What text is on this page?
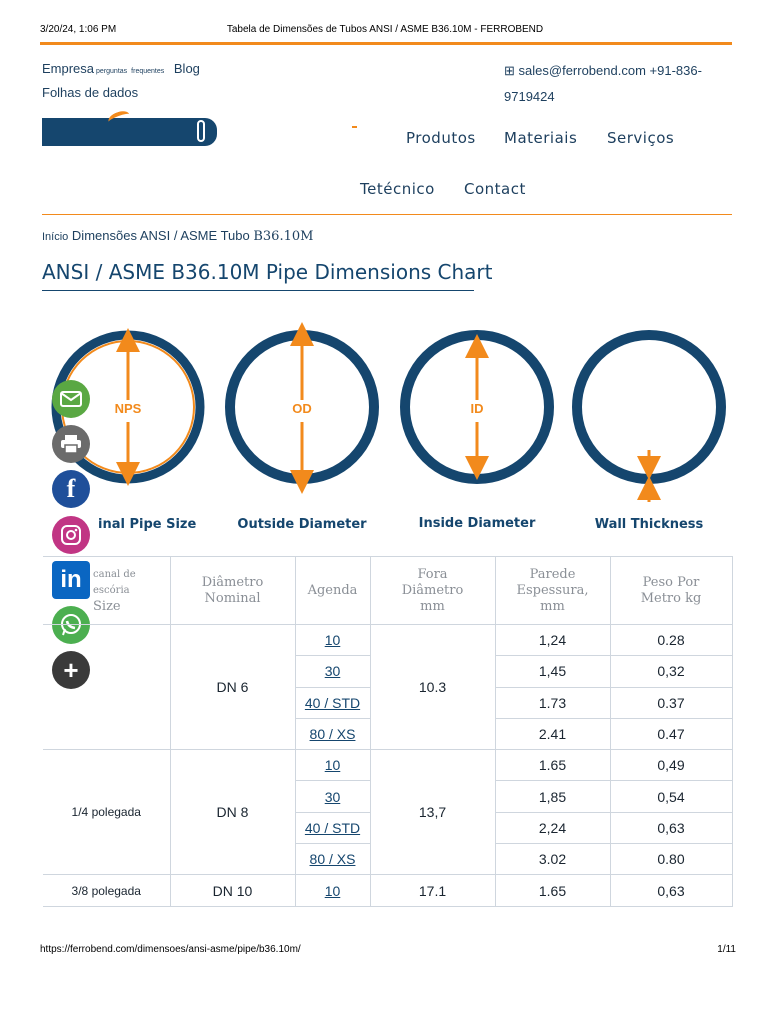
3/20/24, 1:06 PM	Tabela de Dimensões de Tubos ANSI / ASME B36.10M - FERROBEND
Empresa perguntas frequentes Blog
Folhas de dados
⊞ sales@ferrobend.com +91-836-
9719424
Produtos Materiais Serviços
Tetécnico Contact
Início Dimensões ANSI / ASME Tubo B36.10M
ANSI / ASME B36.10M Pipe Dimensions Chart
NPS
inal Pipe Size
OD
Outside Diameter
ID
Inside Diameter	Wall Thickness
f
in
+
canal de escória
Size	Diâmetro Nominal	Agenda	Fora Diâmetro mm	Parede Espessura, mm	Peso Por Metro kg
	DN 6	10	10.3	1,24	0.28
		30		1,45	0,32
		40 / STD		1.73	0.37
		80 / XS		2.41	0.47
1/4 polegada	DN 8	10	13,7	1.65	0,49
		30		1,85	0,54
		40 / STD		2,24	0,63
		80 / XS		3.02	0.80
3/8 polegada	DN 10	10	17.1	1.65	0,63
https://ferrobend.com/dimensoes/ansi-asme/pipe/b36.10m/	1/11
